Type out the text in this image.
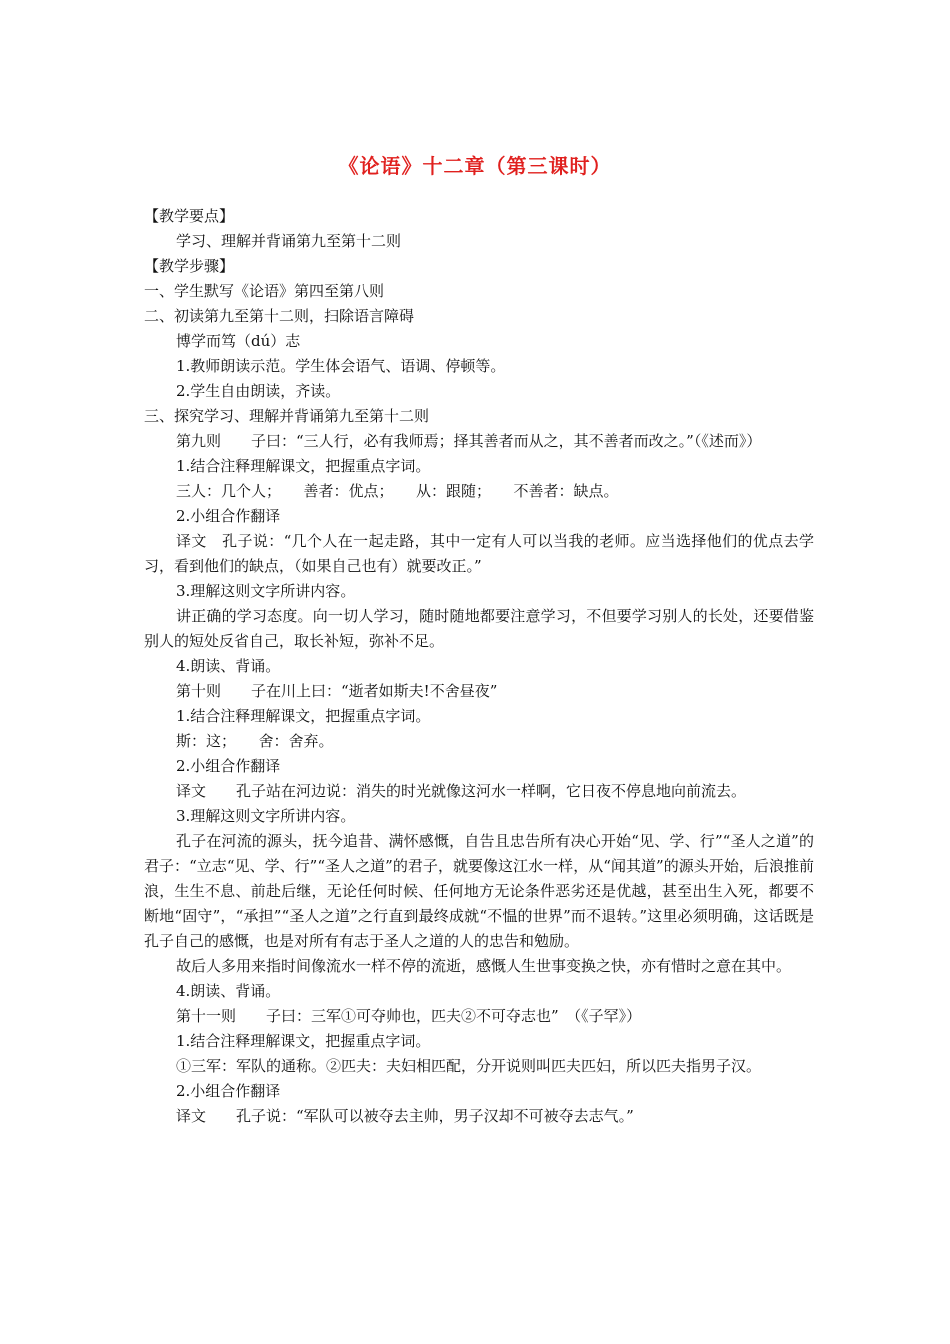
《论语》十二章（第三课时）

【教学要点】

学习、理解并背诵第九至第十二则

【教学步骤】

一、学生默写《论语》第四至第八则

二、初读第九至第十二则，扫除语言障碍

博学而笃（dú）志

1.教师朗读示范。学生体会语气、语调、停顿等。

2.学生自由朗读，齐读。

三、探究学习、理解并背诵第九至第十二则

第九则　　子曰：“三人行，必有我师焉；择其善者而从之，其不善者而改之。”（《述而》）

1.结合注释理解课文，把握重点字词。

三人：几个人；　　善者：优点；　　从：跟随；　　不善者：缺点。

2.小组合作翻译

译文　孔子说：“几个人在一起走路，其中一定有人可以当我的老师。应当选择他们的优点去学习，看到他们的缺点，（如果自己也有）就要改正。”

3.理解这则文字所讲内容。

讲正确的学习态度。向一切人学习，随时随地都要注意学习，不但要学习别人的长处，还要借鉴别人的短处反省自己，取长补短，弥补不足。

4.朗读、背诵。

第十则　　子在川上曰：“逝者如斯夫!不舍昼夜”

1.结合注释理解课文，把握重点字词。

斯：这；　　舍：舍弃。

2.小组合作翻译

译文　　孔子站在河边说：消失的时光就像这河水一样啊，它日夜不停息地向前流去。

3.理解这则文字所讲内容。

孔子在河流的源头，抚今追昔、满怀感慨，自告且忠告所有决心开始“见、学、行”“圣人之道”的君子：“立志“见、学、行”“圣人之道”的君子，就要像这江水一样，从“闻其道”的源头开始，后浪推前浪，生生不息、前赴后继，无论任何时候、任何地方无论条件恶劣还是优越，甚至出生入死，都要不断地“固守”，“承担”“圣人之道”之行直到最终成就“不愠的世界”而不退转。”这里必须明确，这话既是孔子自己的感慨，也是对所有有志于圣人之道的人的忠告和勉励。

故后人多用来指时间像流水一样不停的流逝，感慨人生世事变换之快，亦有惜时之意在其中。

4.朗读、背诵。

第十一则　　子曰：三军①可夺帅也，匹夫②不可夺志也”　（《子罕》）

1.结合注释理解课文，把握重点字词。

①三军：军队的通称。②匹夫：夫妇相匹配，分开说则叫匹夫匹妇，所以匹夫指男子汉。

2.小组合作翻译

译文　　孔子说：“军队可以被夺去主帅，男子汉却不可被夺去志气。”
